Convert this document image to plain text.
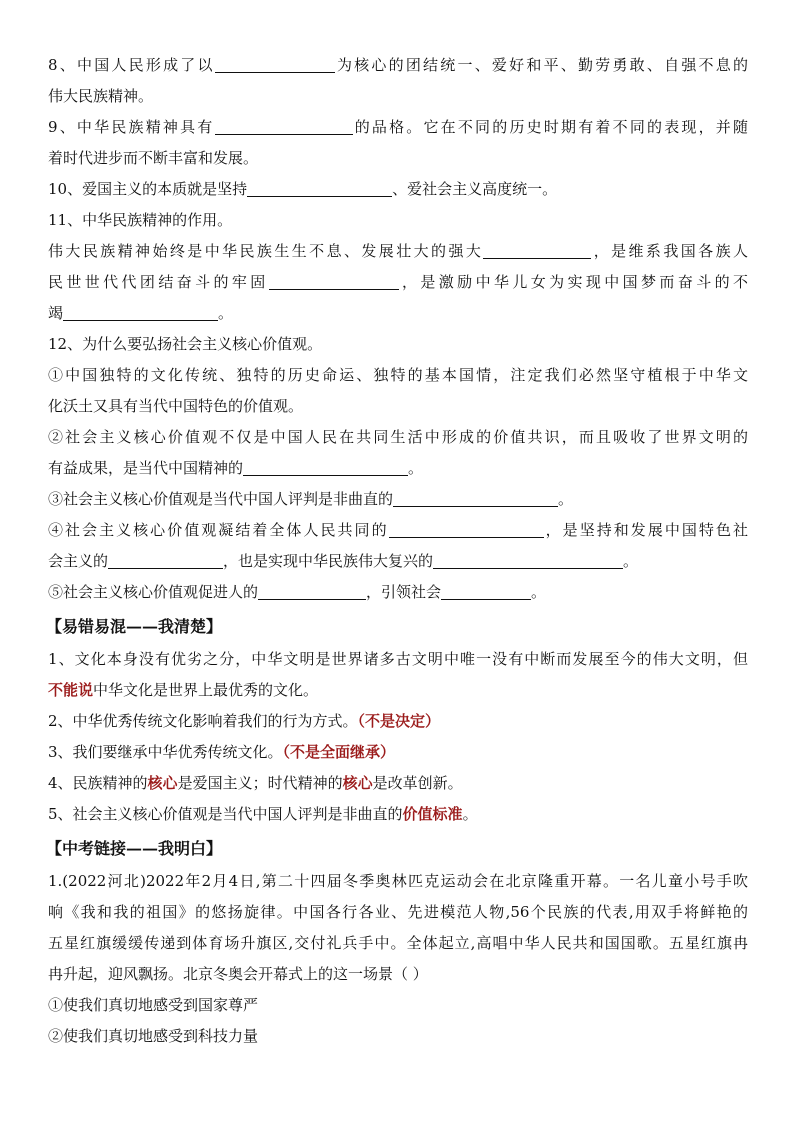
8、中国人民形成了以	为核心的团结统一、爱好和平、勤劳勇敢、自强不息的
伟大民族精神。
9、中华民族精神具有	的品格。它在不同的历史时期有着不同的表现，并随
着时代进步而不断丰富和发展。
10、爱国主义的本质就是坚持	、爱社会主义高度统一。
11、中华民族精神的作用。
伟大民族精神始终是中华民族生生不息、发展壮大的强大	，是维系我国各族人
民世世代代团结奋斗的牢固	，是激励中华儿女为实现中国梦而奋斗的不
竭	。
12、为什么要弘扬社会主义核心价值观。
①中国独特的文化传统、独特的历史命运、独特的基本国情，注定我们必然坚守植根于中华文
化沃土又具有当代中国特色的价值观。
②社会主义核心价值观不仅是中国人民在共同生活中形成的价值共识，而且吸收了世界文明的
有益成果，是当代中国精神的	。
③社会主义核心价值观是当代中国人评判是非曲直的	。
④社会主义核心价值观凝结着全体人民共同的	，是坚持和发展中国特色社
会主义的	，也是实现中华民族伟大复兴的	。
⑤社会主义核心价值观促进人的	，引领社会	。
【易错易混——我清楚】
1、文化本身没有优劣之分，中华文明是世界诸多古文明中唯一没有中断而发展至今的伟大文明，但
不能说中华文化是世界上最优秀的文化。
2、中华优秀传统文化影响着我们的行为方式。（不是决定）
3、我们要继承中华优秀传统文化。（不是全面继承）
4、民族精神的核心是爱国主义；时代精神的核心是改革创新。
5、社会主义核心价值观是当代中国人评判是非曲直的价值标准。
【中考链接——我明白】
1.(2022河北)2022年2月4日,第二十四届冬季奥林匹克运动会在北京隆重开幕。一名儿童小号手吹
响《我和我的祖国》的悠扬旋律。中国各行各业、先进模范人物,56个民族的代表,用双手将鲜艳的
五星红旗缓缓传递到体育场升旗区,交付礼兵手中。全体起立,高唱中华人民共和国国歌。五星红旗冉
冉升起，迎风飘扬。北京冬奥会开幕式上的这一场景（ ）
①使我们真切地感受到国家尊严
②使我们真切地感受到科技力量
